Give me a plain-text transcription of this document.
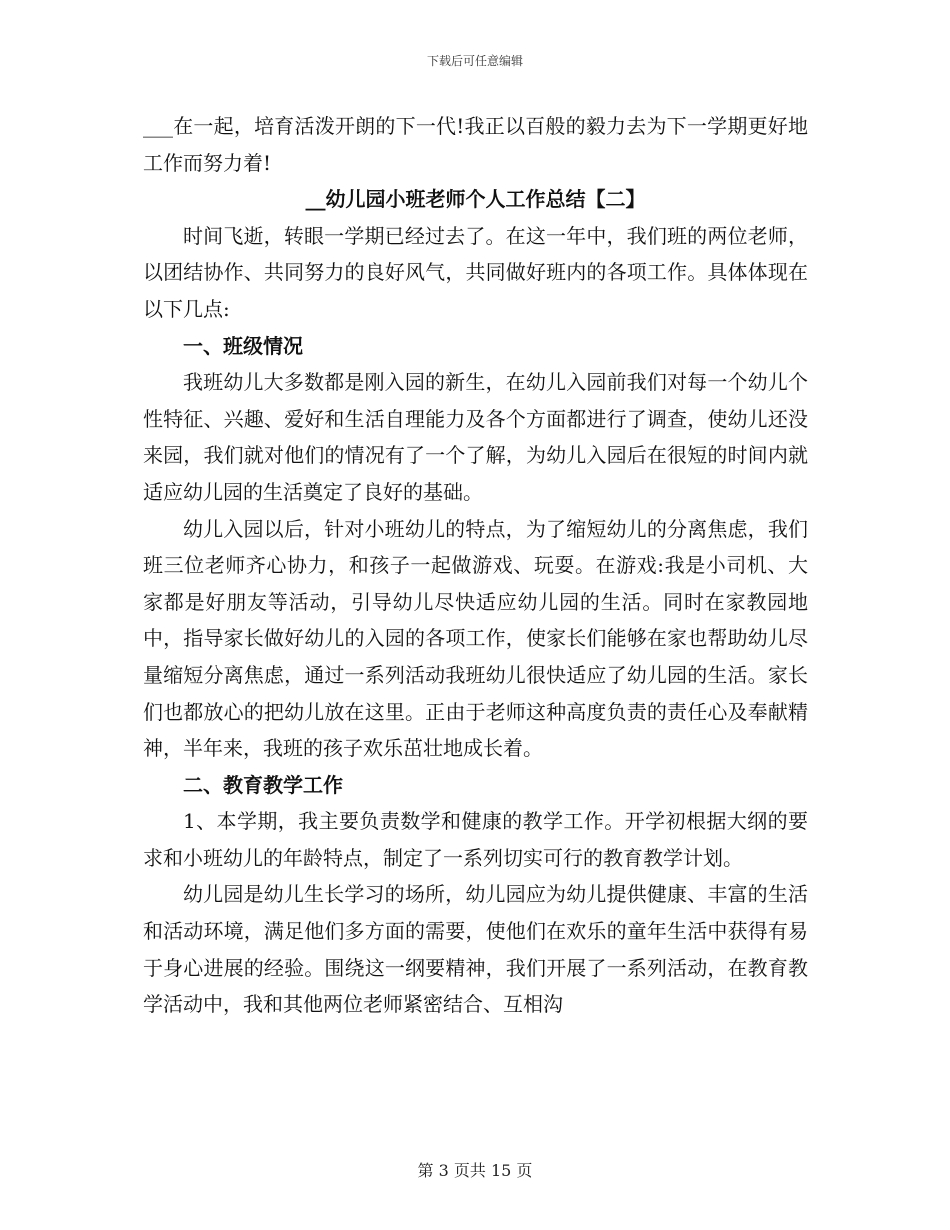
下载后可任意编辑

___在一起，培育活泼开朗的下一代!我正以百般的毅力去为下一学期更好地工作而努力着!

__幼儿园小班老师个人工作总结【二】

时间飞逝，转眼一学期已经过去了。在这一年中，我们班的两位老师，以团结协作、共同努力的良好风气，共同做好班内的各项工作。具体体现在以下几点:

一、班级情况

我班幼儿大多数都是刚入园的新生，在幼儿入园前我们对每一个幼儿个性特征、兴趣、爱好和生活自理能力及各个方面都进行了调查，使幼儿还没来园，我们就对他们的情况有了一个了解，为幼儿入园后在很短的时间内就适应幼儿园的生活奠定了良好的基础。

幼儿入园以后，针对小班幼儿的特点，为了缩短幼儿的分离焦虑，我们班三位老师齐心协力，和孩子一起做游戏、玩耍。在游戏:我是小司机、大家都是好朋友等活动，引导幼儿尽快适应幼儿园的生活。同时在家教园地中，指导家长做好幼儿的入园的各项工作，使家长们能够在家也帮助幼儿尽量缩短分离焦虑，通过一系列活动我班幼儿很快适应了幼儿园的生活。家长们也都放心的把幼儿放在这里。正由于老师这种高度负责的责任心及奉献精神，半年来，我班的孩子欢乐茁壮地成长着。

二、教育教学工作

1、本学期，我主要负责数学和健康的教学工作。开学初根据大纲的要求和小班幼儿的年龄特点，制定了一系列切实可行的教育教学计划。

幼儿园是幼儿生长学习的场所，幼儿园应为幼儿提供健康、丰富的生活和活动环境，满足他们多方面的需要，使他们在欢乐的童年生活中获得有易于身心进展的经验。围绕这一纲要精神，我们开展了一系列活动，在教育教学活动中，我和其他两位老师紧密结合、互相沟

第 3 页共 15 页
